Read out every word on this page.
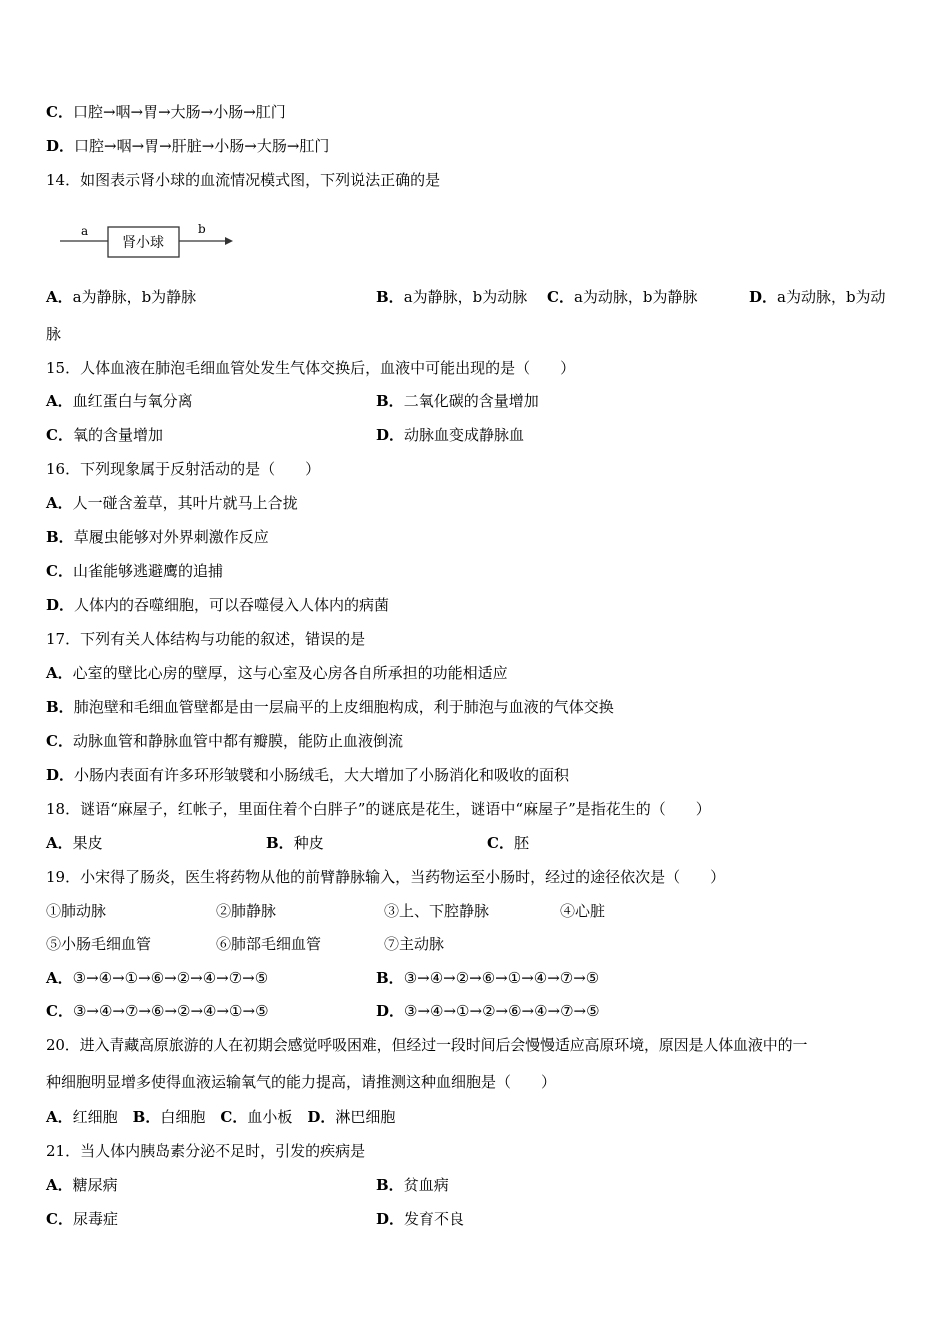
C．口腔→咽→胃→大肠→小肠→肛门
D．口腔→咽→胃→肝脏→小肠→大肠→肛门
14．如图表示肾小球的血流情况模式图，下列说法正确的是
a
肾小球
b
A．a为静脉，b为静脉	B．a为静脉，b为动脉 C．a为动脉，b为静脉	D．a为动脉，b为动
脉
15．人体血液在肺泡毛细血管处发生气体交换后，血液中可能出现的是（　　）
A．血红蛋白与氧分离	B．二氧化碳的含量增加
C．氧的含量增加	D．动脉血变成静脉血
16．下列现象属于反射活动的是（　　）
A．人一碰含羞草，其叶片就马上合拢
B．草履虫能够对外界刺激作反应
C．山雀能够逃避鹰的追捕
D．人体内的吞噬细胞，可以吞噬侵入人体内的病菌
17．下列有关人体结构与功能的叙述，错误的是
A．心室的壁比心房的壁厚，这与心室及心房各自所承担的功能相适应
B．肺泡壁和毛细血管壁都是由一层扁平的上皮细胞构成，利于肺泡与血液的气体交换
C．动脉血管和静脉血管中都有瓣膜，能防止血液倒流
D．小肠内表面有许多环形皱襞和小肠绒毛，大大增加了小肠消化和吸收的面积
18．谜语“麻屋子，红帐子，里面住着个白胖子”的谜底是花生，谜语中“麻屋子”是指花生的（　　）
A．果皮	B．种皮	C．胚
19．小宋得了肠炎，医生将药物从他的前臂静脉输入，当药物运至小肠时，经过的途径依次是（　　）
①肺动脉	②肺静脉	③上、下腔静脉	④心脏
⑤小肠毛细血管	⑥肺部毛细血管	⑦主动脉
A．③→④→①→⑥→②→④→⑦→⑤	B．③→④→②→⑥→①→④→⑦→⑤
C．③→④→⑦→⑥→②→④→①→⑤	D．③→④→①→②→⑥→④→⑦→⑤
20．进入青藏高原旅游的人在初期会感觉呼吸困难，但经过一段时间后会慢慢适应高原环境，原因是人体血液中的一
种细胞明显增多使得血液运输氧气的能力提高，请推测这种血细胞是（　　）
A．红细胞　 B．白细胞　 C．血小板　 D．淋巴细胞
21．当人体内胰岛素分泌不足时，引发的疾病是
A．糖尿病	B．贫血病
C．尿毒症	D．发育不良
